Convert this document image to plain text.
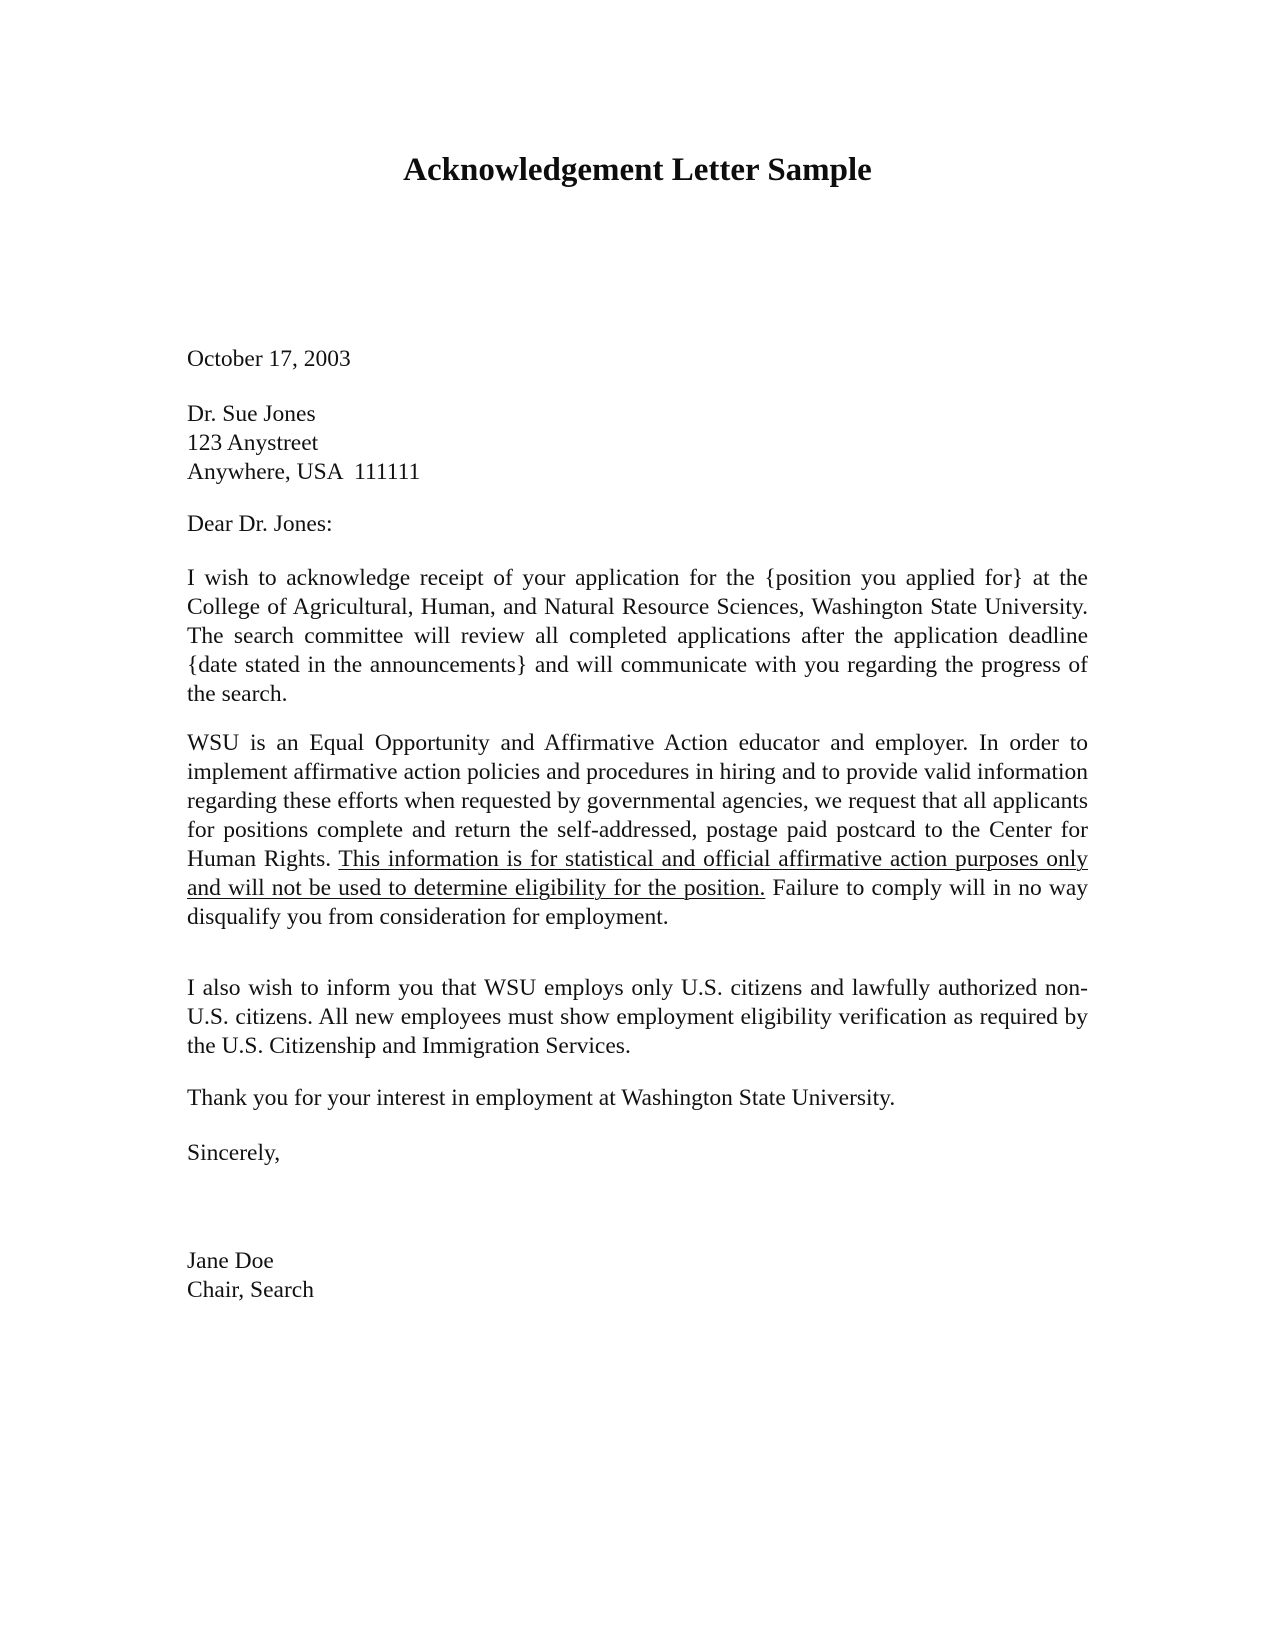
Acknowledgement Letter Sample

October 17, 2003

Dr. Sue Jones
123 Anystreet
Anywhere, USA  111111

Dear Dr. Jones:

I wish to acknowledge receipt of your application for the {position you applied for} at the College of Agricultural, Human, and Natural Resource Sciences, Washington State University. The search committee will review all completed applications after the application deadline {date stated in the announcements} and will communicate with you regarding the progress of the search.

WSU is an Equal Opportunity and Affirmative Action educator and employer. In order to implement affirmative action policies and procedures in hiring and to provide valid information regarding these efforts when requested by governmental agencies, we request that all applicants for positions complete and return the self-addressed, postage paid postcard to the Center for Human Rights. This information is for statistical and official affirmative action purposes only and will not be used to determine eligibility for the position. Failure to comply will in no way disqualify you from consideration for employment.

I also wish to inform you that WSU employs only U.S. citizens and lawfully authorized non-U.S. citizens. All new employees must show employment eligibility verification as required by the U.S. Citizenship and Immigration Services.

Thank you for your interest in employment at Washington State University.

Sincerely,

Jane Doe
Chair, Search
